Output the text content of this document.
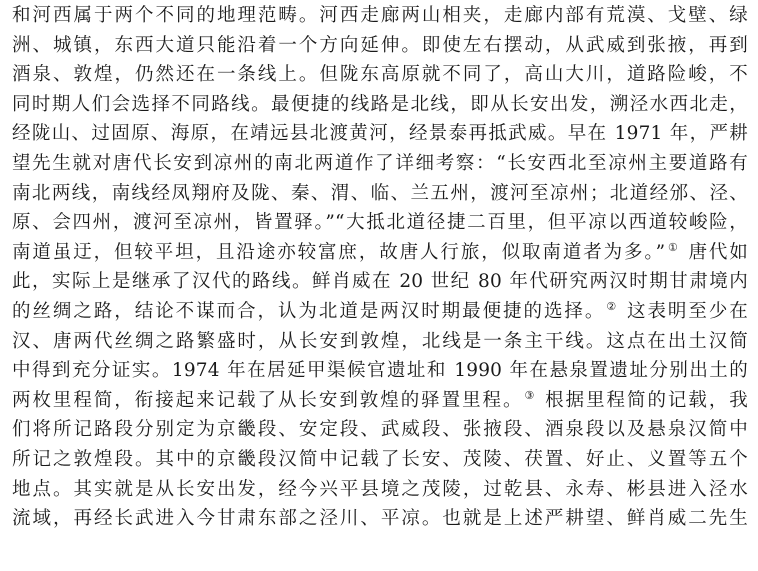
和河西属于两个不同的地理范畴。河西走廊两山相夹，走廊内部有荒漠、戈壁、绿
洲、城镇，东西大道只能沿着一个方向延伸。即使左右摆动，从武威到张掖，再到
酒泉、敦煌，仍然还在一条线上。但陇东高原就不同了，高山大川，道路险峻，不
同时期人们会选择不同路线。最便捷的线路是北线，即从长安出发，溯泾水西北走，
经陇山、过固原、海原，在靖远县北渡黄河，经景泰再抵武威。早在 1971 年，严耕
望先生就对唐代长安到凉州的南北两道作了详细考察：“长安西北至凉州主要道路有
南北两线，南线经凤翔府及陇、秦、渭、临、兰五州，渡河至凉州；北道经邠、泾、
原、会四州，渡河至凉州，皆置驿。”“大抵北道径捷二百里，但平凉以西道较峻险，
南道虽迂，但较平坦，且沿途亦较富庶，故唐人行旅，似取南道者为多。”① 唐代如
此，实际上是继承了汉代的路线。鲜肖威在 20 世纪 80 年代研究两汉时期甘肃境内
的丝绸之路，结论不谋而合，认为北道是两汉时期最便捷的选择。② 这表明至少在
汉、唐两代丝绸之路繁盛时，从长安到敦煌，北线是一条主干线。这点在出土汉简
中得到充分证实。1974 年在居延甲渠候官遗址和 1990 年在悬泉置遗址分别出土的
两枚里程简，衔接起来记载了从长安到敦煌的驿置里程。③ 根据里程简的记载，我
们将所记路段分别定为京畿段、安定段、武威段、张掖段、酒泉段以及悬泉汉简中
所记之敦煌段。其中的京畿段汉简中记载了长安、茂陵、茯置、好止、义置等五个
地点。其实就是从长安出发，经今兴平县境之茂陵，过乾县、永寿、彬县进入泾水
流域，再经长武进入今甘肃东部之泾川、平凉。也就是上述严耕望、鲜肖威二先生
